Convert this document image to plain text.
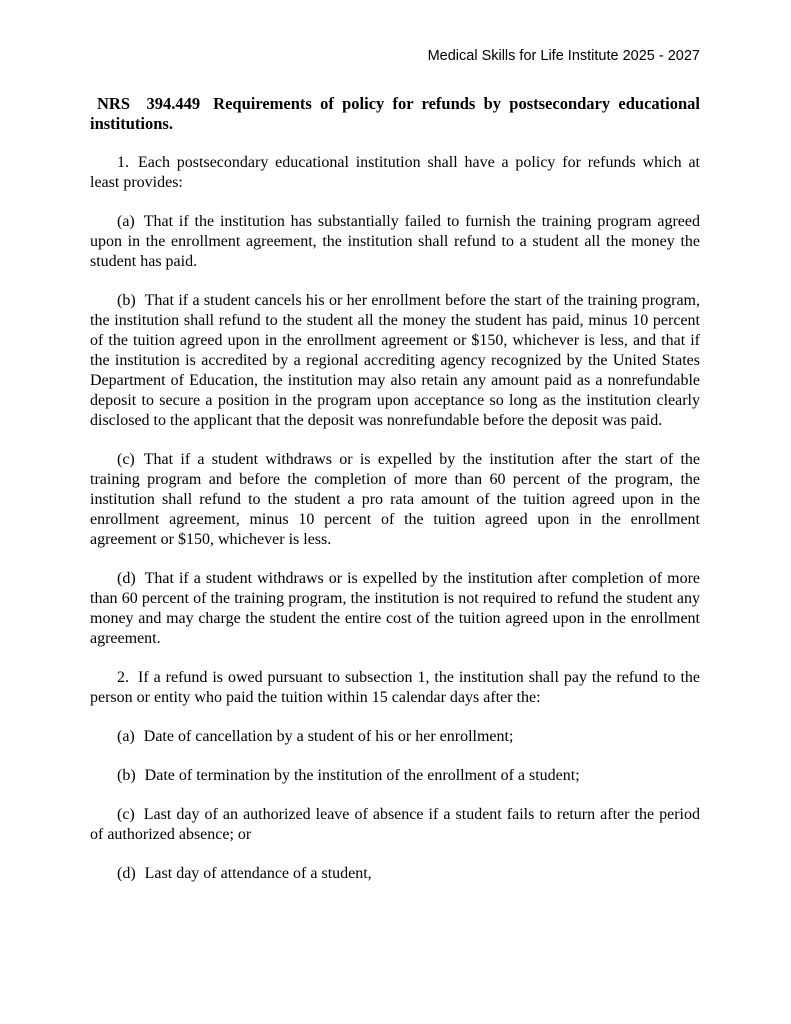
Medical Skills for Life Institute 2025 - 2027
NRS  394.449 Requirements of policy for refunds by postsecondary educational institutions.

1. Each postsecondary educational institution shall have a policy for refunds which at least provides:

(a) That if the institution has substantially failed to furnish the training program agreed upon in the enrollment agreement, the institution shall refund to a student all the money the student has paid.

(b) That if a student cancels his or her enrollment before the start of the training program, the institution shall refund to the student all the money the student has paid, minus 10 percent of the tuition agreed upon in the enrollment agreement or $150, whichever is less, and that if the institution is accredited by a regional accrediting agency recognized by the United States Department of Education, the institution may also retain any amount paid as a nonrefundable deposit to secure a position in the program upon acceptance so long as the institution clearly disclosed to the applicant that the deposit was nonrefundable before the deposit was paid.

(c) That if a student withdraws or is expelled by the institution after the start of the training program and before the completion of more than 60 percent of the program, the institution shall refund to the student a pro rata amount of the tuition agreed upon in the enrollment agreement, minus 10 percent of the tuition agreed upon in the enrollment agreement or $150, whichever is less.

(d) That if a student withdraws or is expelled by the institution after completion of more than 60 percent of the training program, the institution is not required to refund the student any money and may charge the student the entire cost of the tuition agreed upon in the enrollment agreement.

2. If a refund is owed pursuant to subsection 1, the institution shall pay the refund to the person or entity who paid the tuition within 15 calendar days after the:

(a) Date of cancellation by a student of his or her enrollment;

(b) Date of termination by the institution of the enrollment of a student;

(c) Last day of an authorized leave of absence if a student fails to return after the period of authorized absence; or

(d) Last day of attendance of a student,
